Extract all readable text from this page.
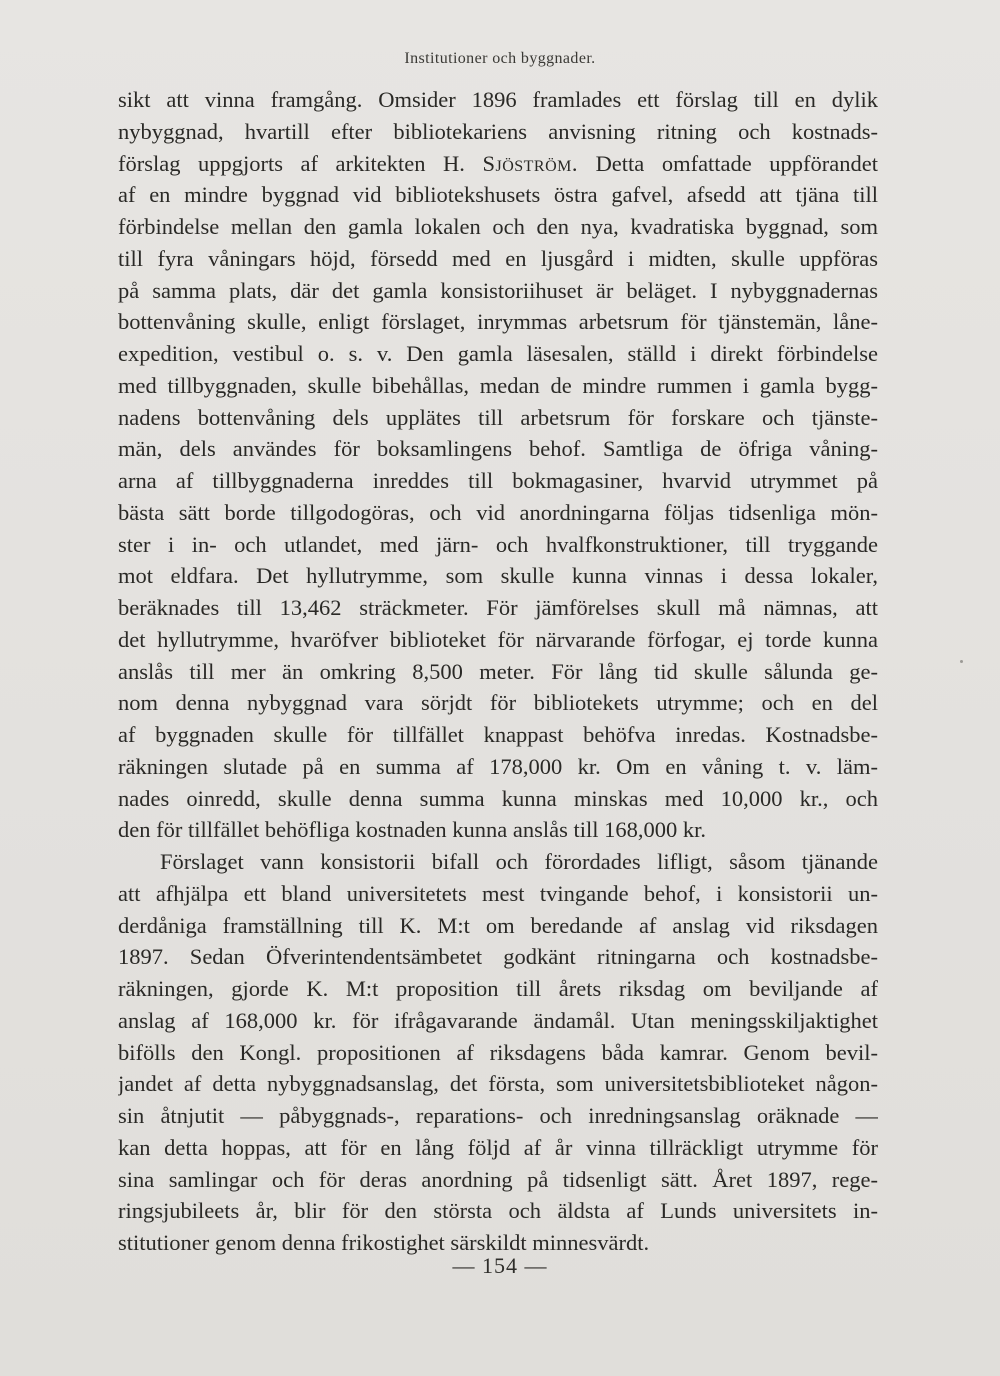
Institutioner och byggnader.
sikt att vinna framgång. Omsider 1896 framlades ett förslag till en dylik
nybyggnad, hvartill efter bibliotekariens anvisning ritning och kostnads-
förslag uppgjorts af arkitekten H. Sjöström. Detta omfattade uppförandet
af en mindre byggnad vid bibliotekshusets östra gafvel, afsedd att tjäna till
förbindelse mellan den gamla lokalen och den nya, kvadratiska byggnad, som
till fyra våningars höjd, försedd med en ljusgård i midten, skulle uppföras
på samma plats, där det gamla konsistoriihuset är beläget. I nybyggnadernas
bottenvåning skulle, enligt förslaget, inrymmas arbetsrum för tjänstemän, låne-
expedition, vestibul o. s. v. Den gamla läsesalen, ställd i direkt förbindelse
med tillbyggnaden, skulle bibehållas, medan de mindre rummen i gamla bygg-
nadens bottenvåning dels upplätes till arbetsrum för forskare och tjänste-
män, dels användes för boksamlingens behof. Samtliga de öfriga våning-
arna af tillbyggnaderna inreddes till bokmagasiner, hvarvid utrymmet på
bästa sätt borde tillgodogöras, och vid anordningarna följas tidsenliga mön-
ster i in- och utlandet, med järn- och hvalfkonstruktioner, till tryggande
mot eldfara. Det hyllutrymme, som skulle kunna vinnas i dessa lokaler,
beräknades till 13,462 sträckmeter. För jämförelses skull må nämnas, att
det hyllutrymme, hvaröfver biblioteket för närvarande förfogar, ej torde kunna
anslås till mer än omkring 8,500 meter. För lång tid skulle sålunda ge-
nom denna nybyggnad vara sörjdt för bibliotekets utrymme; och en del
af byggnaden skulle för tillfället knappast behöfva inredas. Kostnadsbe-
räkningen slutade på en summa af 178,000 kr. Om en våning t. v. läm-
nades oinredd, skulle denna summa kunna minskas med 10,000 kr., och
den för tillfället behöfliga kostnaden kunna anslås till 168,000 kr.
Förslaget vann konsistorii bifall och förordades lifligt, såsom tjänande
att afhjälpa ett bland universitetets mest tvingande behof, i konsistorii un-
derdåniga framställning till K. M:t om beredande af anslag vid riksdagen
1897. Sedan Öfverintendentsämbetet godkänt ritningarna och kostnadsbe-
räkningen, gjorde K. M:t proposition till årets riksdag om beviljande af
anslag af 168,000 kr. för ifrågavarande ändamål. Utan meningsskiljaktighet
bifölls den Kongl. propositionen af riksdagens båda kamrar. Genom bevil-
jandet af detta nybyggnadsanslag, det första, som universitetsbiblioteket någon-
sin åtnjutit — påbyggnads-, reparations- och inredningsanslag oräknade —
kan detta hoppas, att för en lång följd af år vinna tillräckligt utrymme för
sina samlingar och för deras anordning på tidsenligt sätt. Året 1897, rege-
ringsjubileets år, blir för den största och äldsta af Lunds universitets in-
stitutioner genom denna frikostighet särskildt minnesvärdt.
— 154 —
